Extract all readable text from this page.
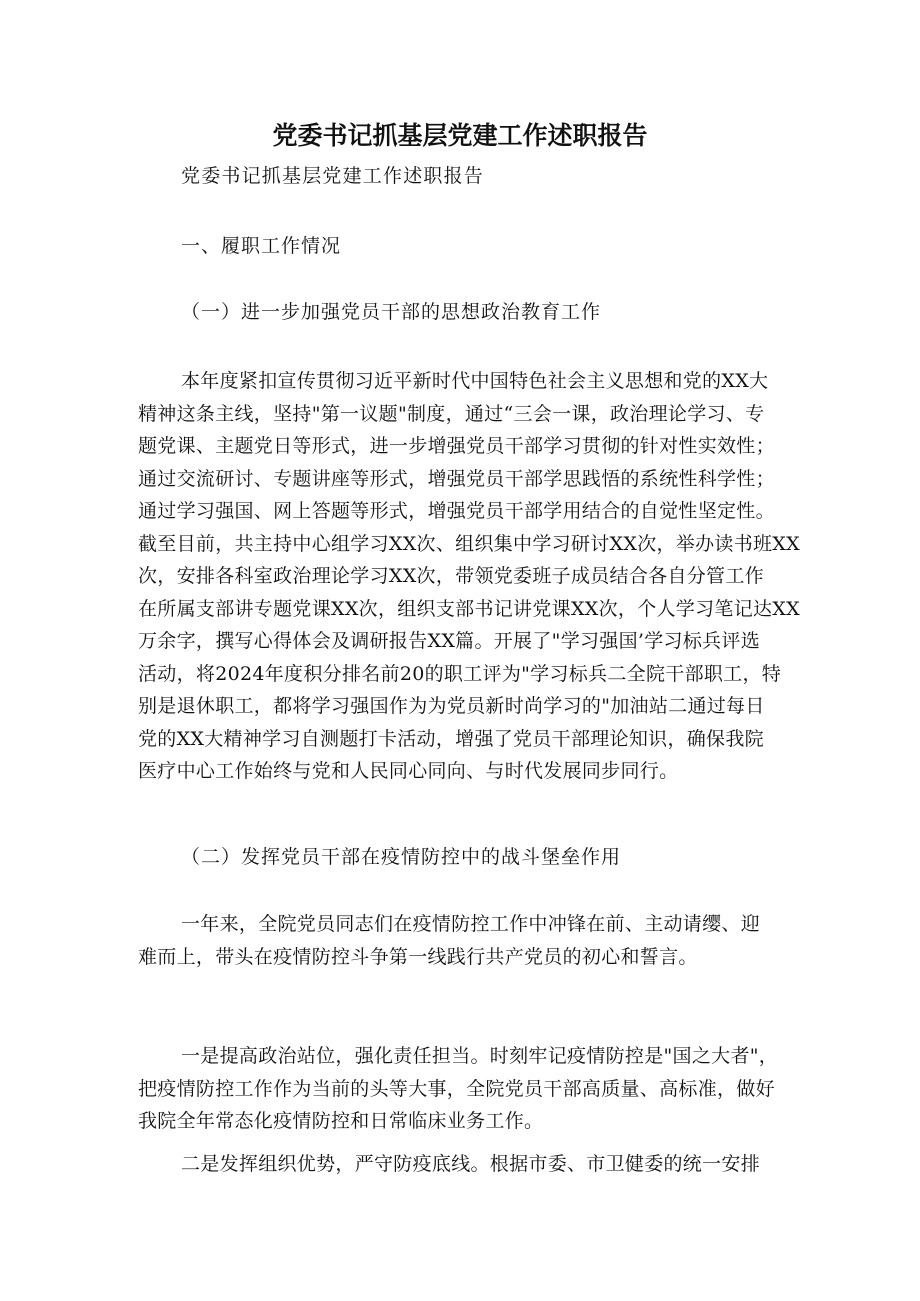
党委书记抓基层党建工作述职报告
党委书记抓基层党建工作述职报告
一、履职工作情况
（一）进一步加强党员干部的思想政治教育工作
本年度紧扣宣传贯彻习近平新时代中国特色社会主义思想和党的XX大
精神这条主线，坚持"第一议题"制度，通过“三会一课，政治理论学习、专
题党课、主题党日等形式，进一步增强党员干部学习贯彻的针对性实效性；
通过交流研讨、专题讲座等形式，增强党员干部学思践悟的系统性科学性；
通过学习强国、网上答题等形式，增强党员干部学用结合的自觉性坚定性。
截至目前，共主持中心组学习XX次、组织集中学习研讨XX次，举办读书班XX
次，安排各科室政治理论学习XX次，带领党委班子成员结合各自分管工作
在所属支部讲专题党课XX次，组织支部书记讲党课XX次，个人学习笔记达XX
万余字，撰写心得体会及调研报告XX篇。开展了"学习强国’学习标兵评选
活动，将2024年度积分排名前20的职工评为"学习标兵二全院干部职工，特
别是退休职工，都将学习强国作为为党员新时尚学习的"加油站二通过每日
党的XX大精神学习自测题打卡活动，增强了党员干部理论知识，确保我院
医疗中心工作始终与党和人民同心同向、与时代发展同步同行。
（二）发挥党员干部在疫情防控中的战斗堡垒作用
一年来，全院党员同志们在疫情防控工作中冲锋在前、主动请缨、迎
难而上，带头在疫情防控斗争第一线践行共产党员的初心和誓言。
一是提高政治站位，强化责任担当。时刻牢记疫情防控是"国之大者"，
把疫情防控工作作为当前的头等大事，全院党员干部高质量、高标准，做好
我院全年常态化疫情防控和日常临床业务工作。
二是发挥组织优势，严守防疫底线。根据市委、市卫健委的统一安排
